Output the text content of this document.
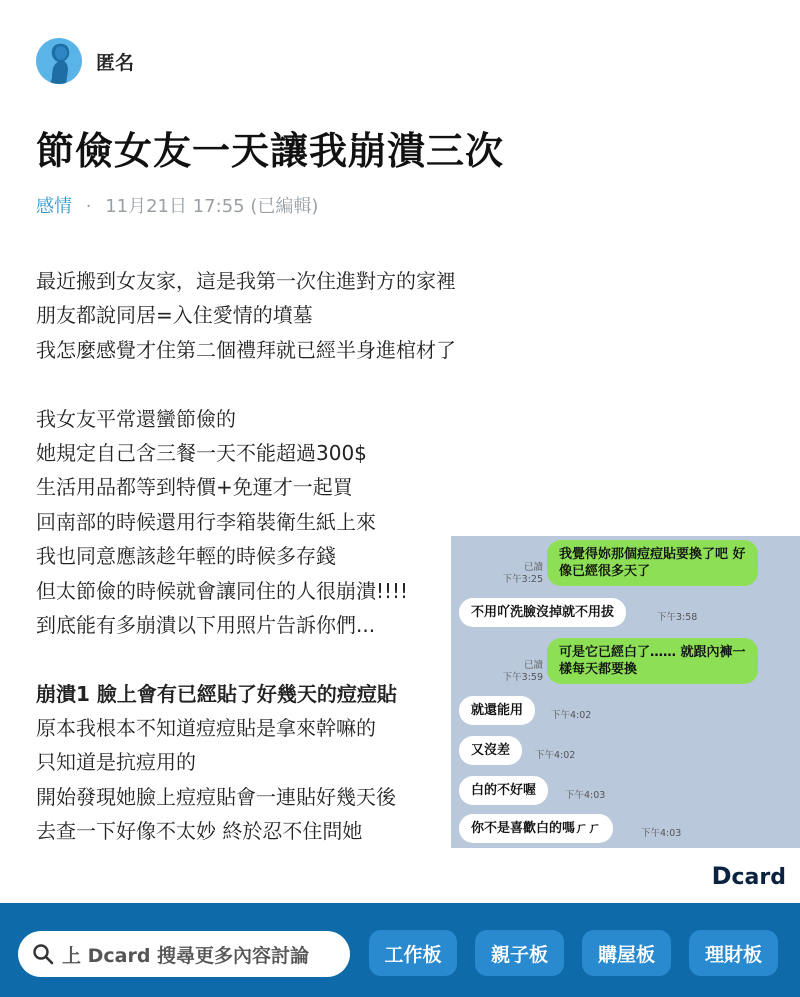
匿名
節儉女友一天讓我崩潰三次
感情 · 11月21日 17:55 (已編輯)
最近搬到女友家，這是我第一次住進對方的家裡
朋友都說同居=入住愛情的墳墓
我怎麼感覺才住第二個禮拜就已經半身進棺材了
我女友平常還蠻節儉的
她規定自己含三餐一天不能超過300$
生活用品都等到特價+免運才一起買
回南部的時候還用行李箱裝衛生紙上來
我也同意應該趁年輕的時候多存錢
但太節儉的時候就會讓同住的人很崩潰!!!!
到底能有多崩潰以下用照片告訴你們...
崩潰1 臉上會有已經貼了好幾天的痘痘貼
原本我根本不知道痘痘貼是拿來幹嘛的
只知道是抗痘用的
開始發現她臉上痘痘貼會一連貼好幾天後
去查一下好像不太妙 終於忍不住問她
已讀
下午3:25
我覺得妳那個痘痘貼要換了吧 好
像已經很多天了
不用吖洗臉沒掉就不用拔	下午3:58
已讀
下午3:59
可是它已經白了…… 就跟內褲一
樣每天都要換
就還能用	下午4:02
又沒差	下午4:02
白的不好喔	下午4:03
你不是喜歡白的嗎ㄏㄏ	下午4:03
Dcard
上 Dcard 搜尋更多內容討論	工作板	親子板	購屋板	理財板
